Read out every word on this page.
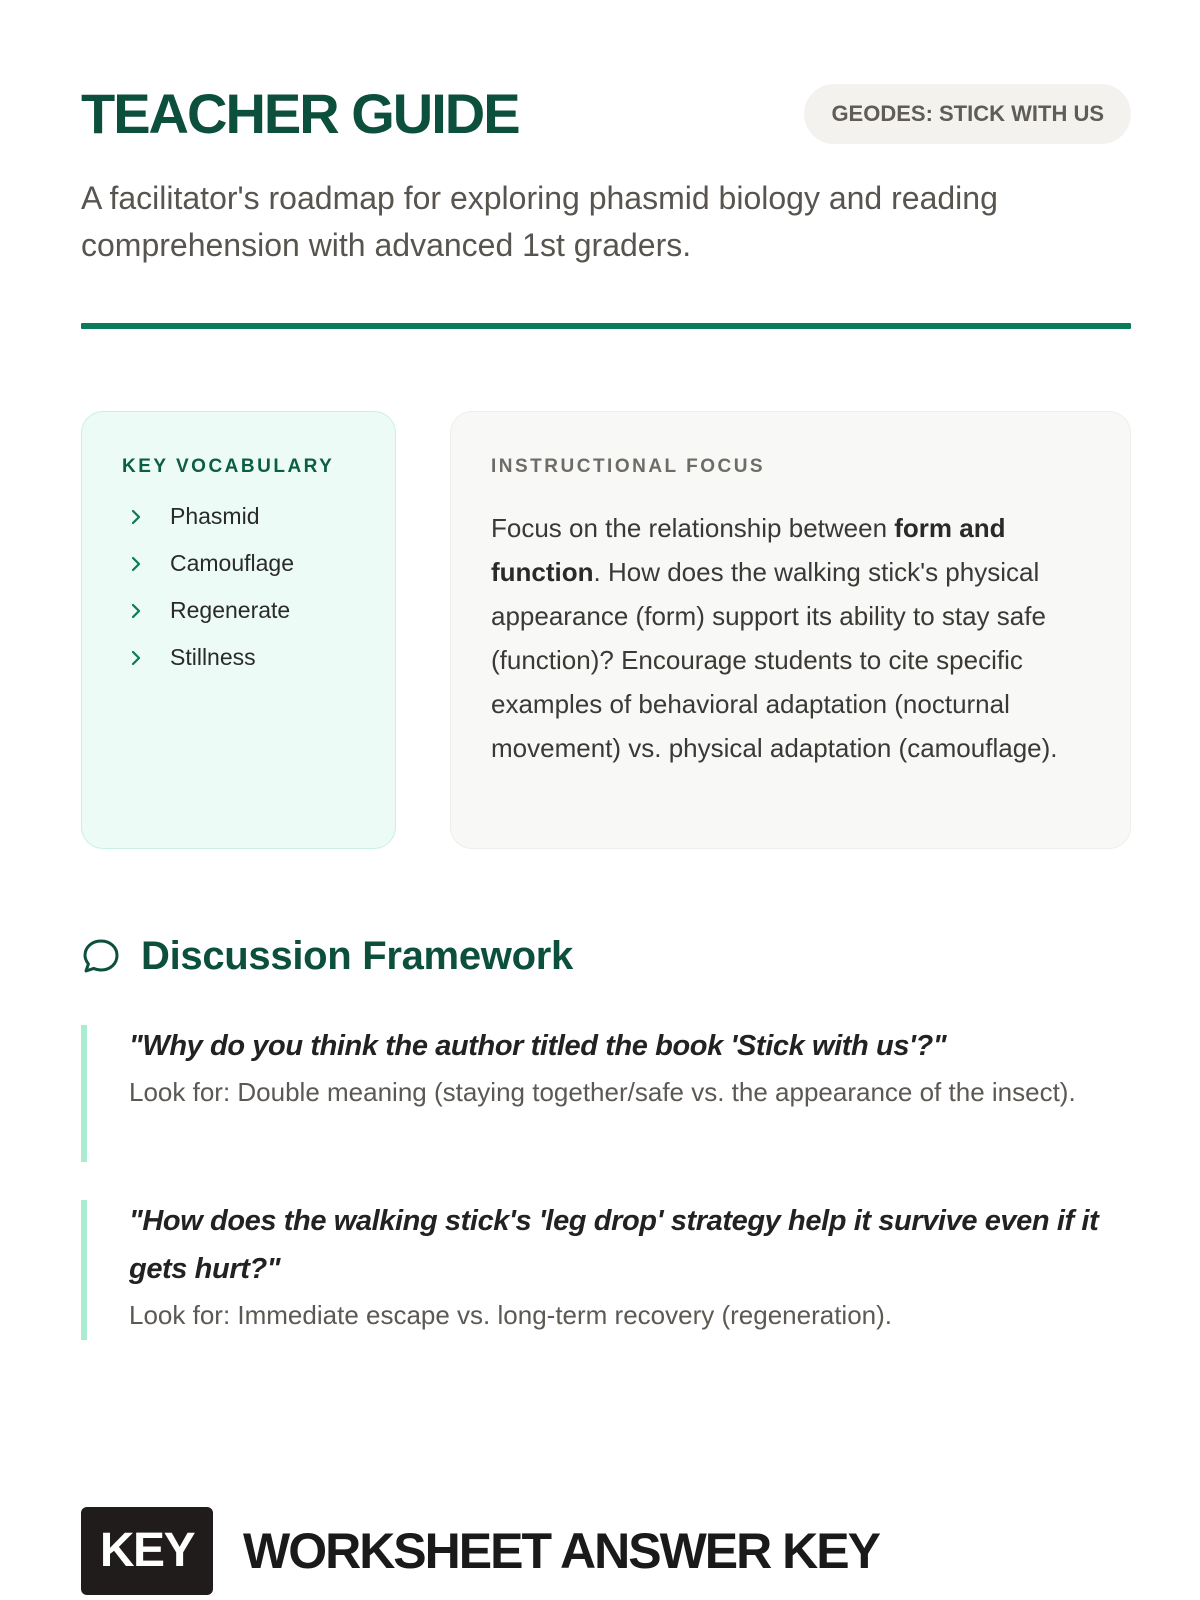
TEACHER GUIDE	GEODES: STICK WITH US

A facilitator's roadmap for exploring phasmid biology and reading comprehension with advanced 1st graders.

KEY VOCABULARY
Phasmid
Camouflage
Regenerate
Stillness
INSTRUCTIONAL FOCUS

Focus on the relationship between form and function. How does the walking stick's physical appearance (form) support its ability to stay safe (function)? Encourage students to cite specific examples of behavioral adaptation (nocturnal movement) vs. physical adaptation (camouflage).

Discussion Framework

"Why do you think the author titled the book 'Stick with us'?"

Look for: Double meaning (staying together/safe vs. the appearance of the insect).

"How does the walking stick's 'leg drop' strategy help it survive even if it gets hurt?"

Look for: Immediate escape vs. long-term recovery (regeneration).

KEY WORKSHEET ANSWER KEY
